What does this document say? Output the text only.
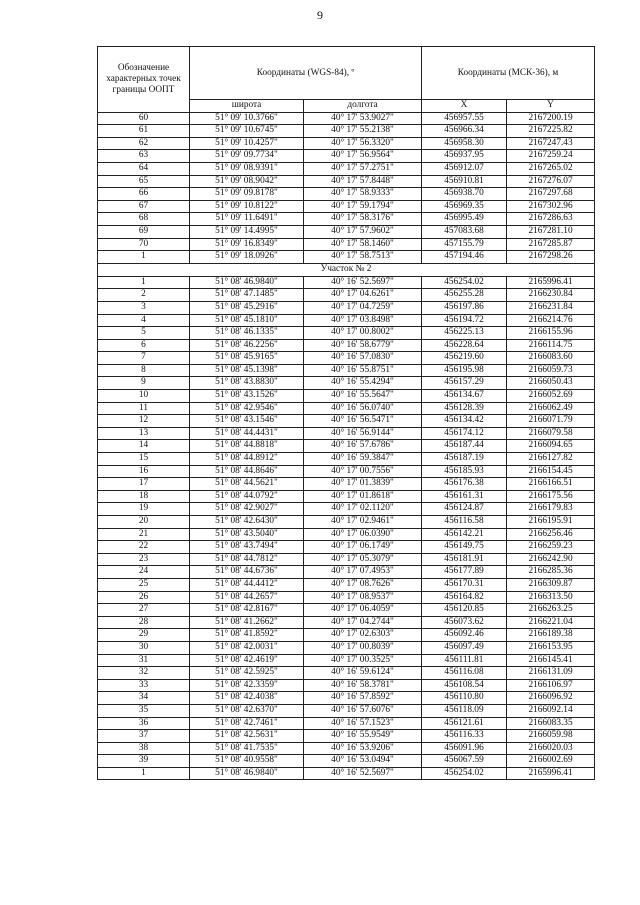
9
Обозначение характерных точек границы ООПТ	Координаты (WGS-84), º		Координаты (МСК-36), м	
	широта	долгота	X	Y
60	51° 09' 10.3766"	40° 17' 53.9027"	456957.55	2167200.19
61	51° 09' 10.6745"	40° 17' 55.2138"	456966.34	2167225.82
62	51° 09' 10.4257"	40° 17' 56.3320"	456958.30	2167247.43
63	51° 09' 09.7734"	40° 17' 56.9564"	456937.95	2167259.24
64	51° 09' 08.9391"	40° 17' 57.2751"	456912.07	2167265.02
65	51° 09' 08.9042"	40° 17' 57.8448"	456910.81	2167276.07
66	51° 09' 09.8178"	40° 17' 58.9333"	456938.70	2167297.68
67	51° 09' 10.8122"	40° 17' 59.1794"	456969.35	2167302.96
68	51° 09' 11.6491"	40° 17' 58.3176"	456995.49	2167286.63
69	51° 09' 14.4995"	40° 17' 57.9602"	457083.68	2167281.10
70	51° 09' 16.8349"	40° 17' 58.1460"	457155.79	2167285.87
1	51° 09' 18.0926"	40° 17' 58.7513"	457194.46	2167298.26
Участок № 2				
1	51° 08' 46.9840"	40° 16' 52.5697"	456254.02	2165996.41
2	51° 08' 47.1485"	40° 17' 04.6261"	456255.28	2166230.84
3	51° 08' 45.2916"	40° 17' 04.7259"	456197.86	2166231.84
4	51° 08' 45.1810"	40° 17' 03.8498"	456194.72	2166214.76
5	51° 08' 46.1335"	40° 17' 00.8002"	456225.13	2166155.96
6	51° 08' 46.2256"	40° 16' 58.6779"	456228.64	2166114.75
7	51° 08' 45.9165"	40° 16' 57.0830"	456219.60	2166083.60
8	51° 08' 45.1398"	40° 16' 55.8751"	456195.98	2166059.73
9	51° 08' 43.8830"	40° 16' 55.4294"	456157.29	2166050.43
10	51° 08' 43.1526"	40° 16' 55.5647"	456134.67	2166052.69
11	51° 08' 42.9546"	40° 16' 56.0740"	456128.39	2166062.49
12	51° 08' 43.1546"	40° 16' 56.5471"	456134.42	2166071.79
13	51° 08' 44.4431"	40° 16' 56.9144"	456174.12	2166079.58
14	51° 08' 44.8818"	40° 16' 57.6786"	456187.44	2166094.65
15	51° 08' 44.8912"	40° 16' 59.3847"	456187.19	2166127.82
16	51° 08' 44.8646"	40° 17' 00.7556"	456185.93	2166154.45
17	51° 08' 44.5621"	40° 17' 01.3839"	456176.38	2166166.51
18	51° 08' 44.0792"	40° 17' 01.8618"	456161.31	2166175.56
19	51° 08' 42.9027"	40° 17' 02.1120"	456124.87	2166179.83
20	51° 08' 42.6430"	40° 17' 02.9461"	456116.58	2166195.91
21	51° 08' 43.5040"	40° 17' 06.0390"	456142.21	2166256.46
22	51° 08' 43.7494"	40° 17' 06.1749"	456149.75	2166259.23
23	51° 08' 44.7812"	40° 17' 05.3079"	456181.91	2166242.90
24	51° 08' 44.6736"	40° 17' 07.4953"	456177.89	2166285.36
25	51° 08' 44.4412"	40° 17' 08.7626"	456170.31	2166309.87
26	51° 08' 44.2657"	40° 17' 08.9537"	456164.82	2166313.50
27	51° 08' 42.8167"	40° 17' 06.4059"	456120.85	2166263.25
28	51° 08' 41.2662"	40° 17' 04.2744"	456073.62	2166221.04
29	51° 08' 41.8592"	40° 17' 02.6303"	456092.46	2166189.38
30	51° 08' 42.0031"	40° 17' 00.8039"	456097.49	2166153.95
31	51° 08' 42.4619"	40° 17' 00.3525"	456111.81	2166145.41
32	51° 08' 42.5925"	40° 16' 59.6124"	456116.08	2166131.09
33	51° 08' 42.3359"	40° 16' 58.3781"	456108.54	2166106.97
34	51° 08' 42.4038"	40° 16' 57.8592"	456110.80	2166096.92
35	51° 08' 42.6370"	40° 16' 57.6076"	456118.09	2166092.14
36	51° 08' 42.7461"	40° 16' 57.1523"	456121.61	2166083.35
37	51° 08' 42.5631"	40° 16' 55.9549"	456116.33	2166059.98
38	51° 08' 41.7535"	40° 16' 53.9206"	456091.96	2166020.03
39	51° 08' 40.9558"	40° 16' 53.0494"	456067.59	2166002.69
1	51° 08' 46.9840"	40° 16' 52.5697"	456254.02	2165996.41
